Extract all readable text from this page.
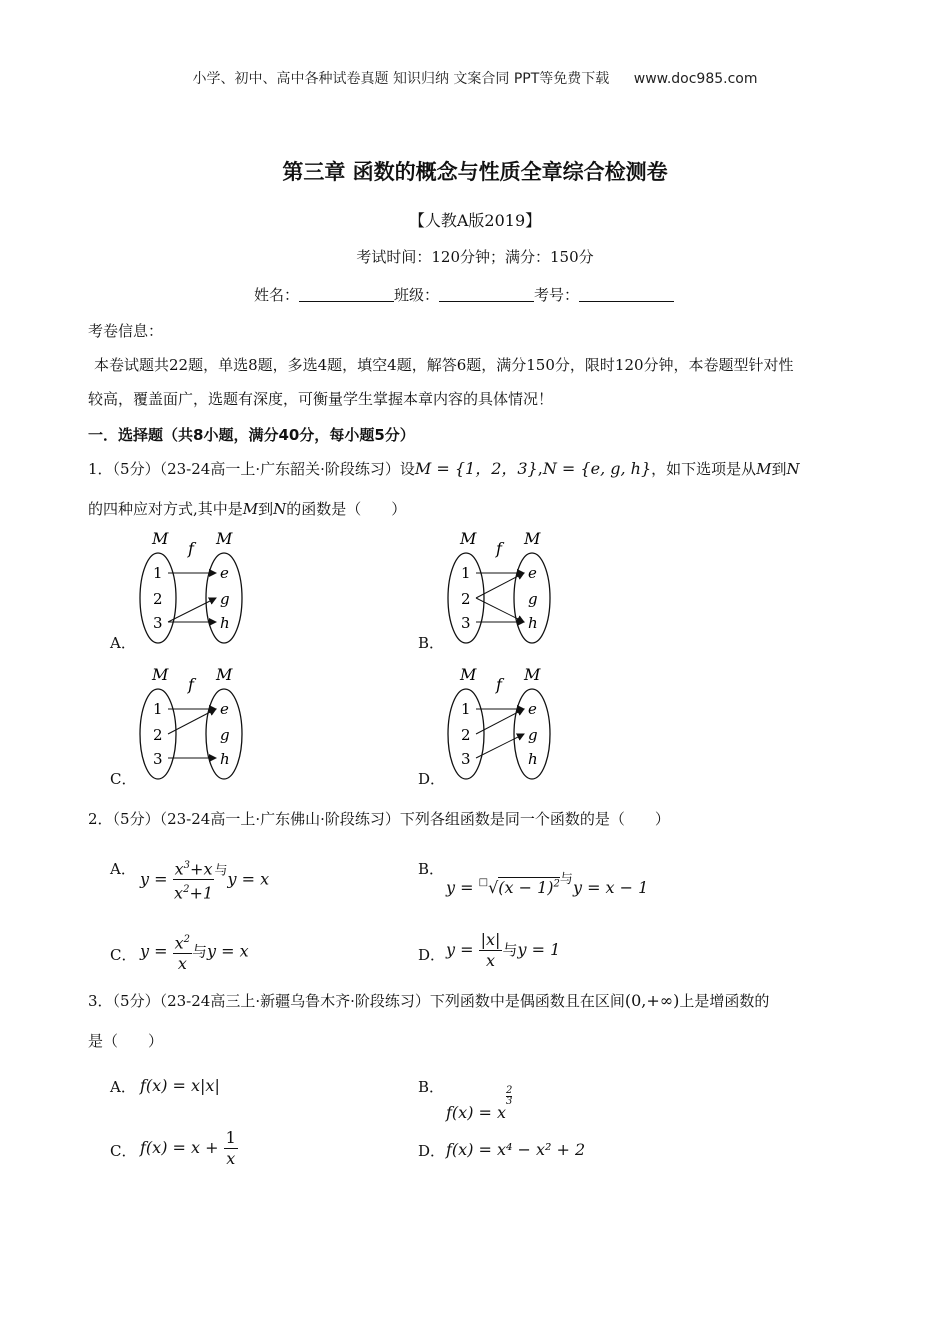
小学、初中、高中各种试卷真题 知识归纳 文案合同 PPT等免费下载 www.doc985.com
第三章 函数的概念与性质全章综合检测卷
【人教A版2019】
考试时间：120分钟；满分：150分
姓名：	班级：	考号：
考卷信息：
本卷试题共22题，单选8题，多选4题，填空4题，解答6题，满分150分，限时120分钟，本卷题型针对性
较高，覆盖面广，选题有深度，可衡量学生掌握本章内容的具体情况！
一．选择题（共8小题，满分40分，每小题5分）
1．（5分）（23-24高一上·广东韶关·阶段练习）设M = {1，2，3},N = {e, g, h}，如下选项是从M到N
的四种应对方式,其中是M到N的函数是（　　）
A．	B．
C．	D．
M
f
M
1
2
3
e
g
h
M
f
M
1
2
3
e
g
h
M
f
M
1
2
3
e
g
h
M
f
M
1
2
3
e
g
h
2．（5分）（23-24高一上·广东佛山·阶段练习）下列各组函数是同一个函数的是（　　）
A．
$y = \frac{x^3+x}{x^2+1} ^与y = x$
B．
$y = ^□√(x - 1)^{2与}y = x - 1$
C． $y = \frac{x^2}{x}$ 与y = x	D． $y = \frac{|x|}{x}$ 与y = 1
3．（5分）（23-24高三上·新疆乌鲁木齐·阶段练习）下列函数中是偶函数且在区间(0,+∞)上是增函数的
是（　　）
A． f(x) = x|x|	B．
f(x) = x
$\frac{2}{3}$
C． $f(x) = x + \frac{1}{x}$	D． f(x) = x⁴ − x² + 2
